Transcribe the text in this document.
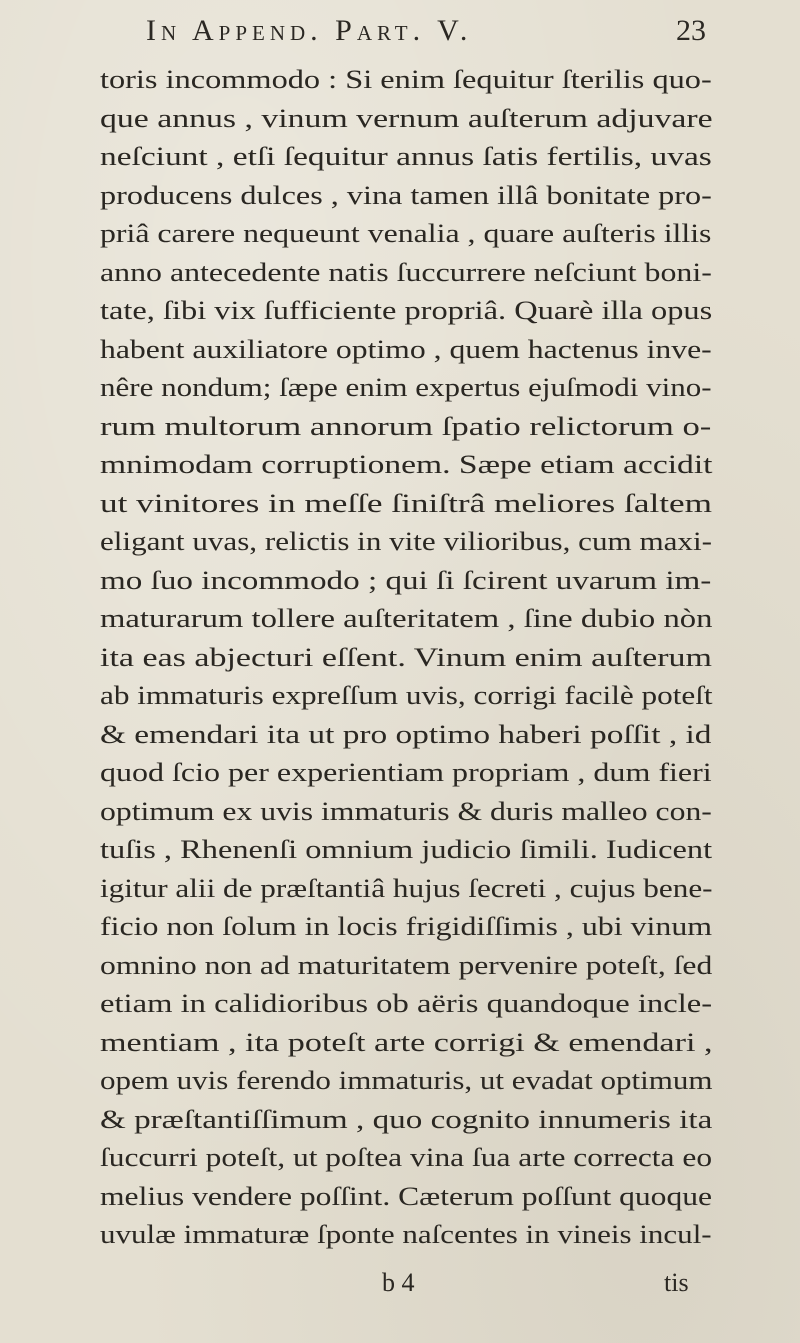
In Append. Part. V.	23
toris incommodo : Si enim ſequitur ſterilis quo-
que annus , vinum vernum auſterum adjuvare
neſciunt , etſi ſequitur annus ſatis fertilis, uvas
producens dulces , vina tamen illâ bonitate pro-
priâ carere nequeunt venalia , quare auſteris illis
anno antecedente natis ſuccurrere neſciunt boni-
tate, ſibi vix ſufficiente propriâ. Quarè illa opus
habent auxiliatore optimo , quem hactenus inve-
nêre nondum; ſæpe enim expertus ejuſmodi vino-
rum multorum annorum ſpatio relictorum o-
mnimodam corruptionem. Sæpe etiam accidit
ut vinitores in meſſe ſiniſtrâ meliores ſaltem
eligant uvas, relictis in vite vilioribus, cum maxi-
mo ſuo incommodo ; qui ſi ſcirent uvarum im-
maturarum tollere auſteritatem , ſine dubio nòn
ita eas abjecturi eſſent. Vinum enim auſterum
ab immaturis expreſſum uvis, corrigi facilè poteſt
& emendari ita ut pro optimo haberi poſſit , id
quod ſcio per experientiam propriam , dum fieri
optimum ex uvis immaturis & duris malleo con-
tuſis , Rhenenſi omnium judicio ſimili. Iudicent
igitur alii de præſtantiâ hujus ſecreti , cujus bene-
ficio non ſolum in locis frigidiſſimis , ubi vinum
omnino non ad maturitatem pervenire poteſt, ſed
etiam in calidioribus ob aëris quandoque incle-
mentiam , ita poteſt arte corrigi & emendari ,
opem uvis ferendo immaturis, ut evadat optimum
& præſtantiſſimum , quo cognito innumeris ita
ſuccurri poteſt, ut poſtea vina ſua arte correcta eo
melius vendere poſſint. Cæterum poſſunt quoque
uvulæ immaturæ ſponte naſcentes in vineis incul-
b 4	tis
